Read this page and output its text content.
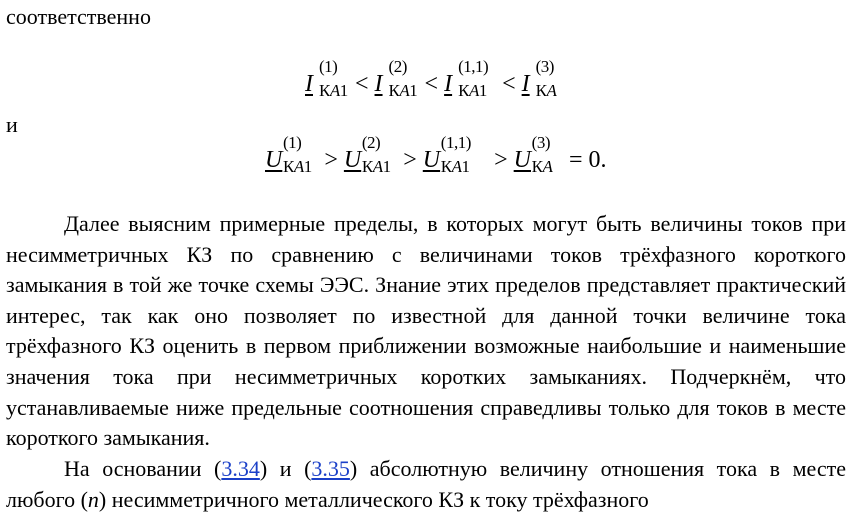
соответственно
I
(1)
КA1 < I
(2)
КA1 < I
(1,1)
КA1 < I
(3)
КA
и
U
(1)
КA1 > U
(2)
КA1 > U
(1,1)
КA1 > U
(3)
КA = 0.
Далее выясним примерные пределы, в которых могут быть величины токов при несимметричных КЗ по сравнению с величинами токов трёхфазного короткого замыкания в той же точке схемы ЭЭС. Знание этих пределов представляет практический интерес, так как оно позволяет по известной для данной точки величине тока трёхфазного КЗ оценить в первом приближении возможные наибольшие и наименьшие значения тока при несимметричных коротких замыканиях. Подчеркнём, что устанавливаемые ниже предельные соотношения справедливы только для токов в месте короткого замыкания.
На основании (3.34) и (3.35) абсолютную величину отношения тока в месте любого (n) несимметричного металлического КЗ к току трёхфазного
